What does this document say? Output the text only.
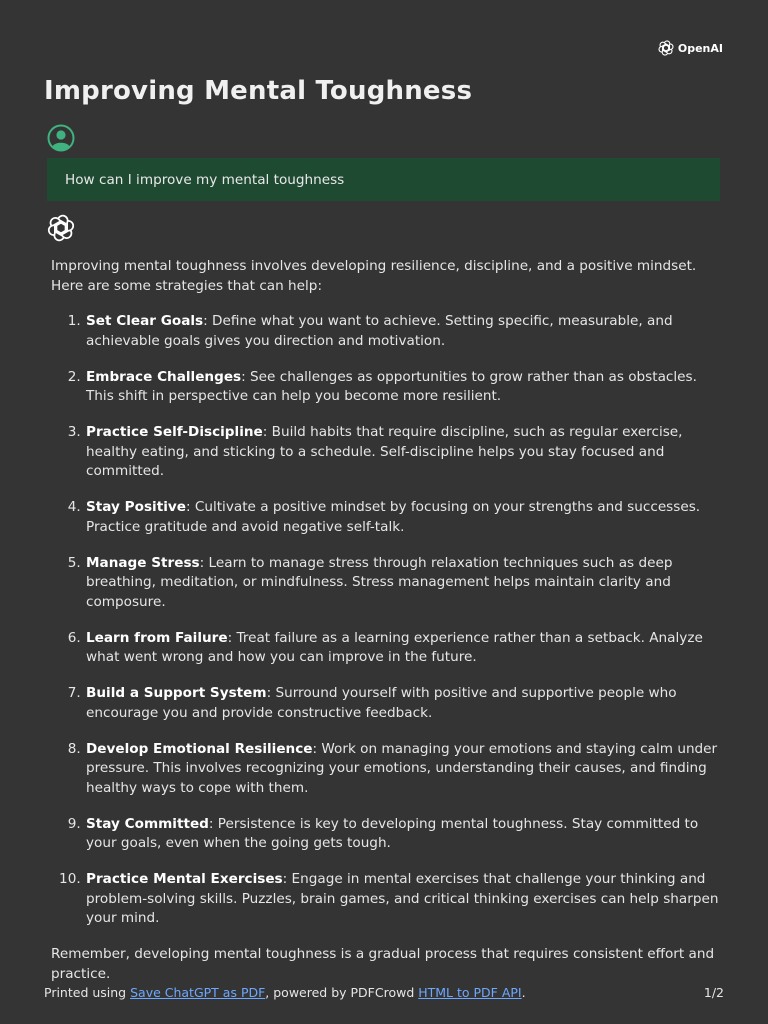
OpenAI
Improving Mental Toughness
How can I improve my mental toughness

Improving mental toughness involves developing resilience, discipline, and a positive mindset. Here are some strategies that can help:

1. Set Clear Goals: Define what you want to achieve. Setting specific, measurable, and achievable goals gives you direction and motivation.
2. Embrace Challenges: See challenges as opportunities to grow rather than as obstacles. This shift in perspective can help you become more resilient.
3. Practice Self-Discipline: Build habits that require discipline, such as regular exercise, healthy eating, and sticking to a schedule. Self-discipline helps you stay focused and committed.
4. Stay Positive: Cultivate a positive mindset by focusing on your strengths and successes. Practice gratitude and avoid negative self-talk.
5. Manage Stress: Learn to manage stress through relaxation techniques such as deep breathing, meditation, or mindfulness. Stress management helps maintain clarity and composure.
6. Learn from Failure: Treat failure as a learning experience rather than a setback. Analyze what went wrong and how you can improve in the future.
7. Build a Support System: Surround yourself with positive and supportive people who encourage you and provide constructive feedback.
8. Develop Emotional Resilience: Work on managing your emotions and staying calm under pressure. This involves recognizing your emotions, understanding their causes, and finding healthy ways to cope with them.
9. Stay Committed: Persistence is key to developing mental toughness. Stay committed to your goals, even when the going gets tough.
10. Practice Mental Exercises: Engage in mental exercises that challenge your thinking and problem-solving skills. Puzzles, brain games, and critical thinking exercises can help sharpen your mind.

Remember, developing mental toughness is a gradual process that requires consistent effort and practice.

Printed using Save ChatGPT as PDF, powered by PDFCrowd HTML to PDF API.	1/2
